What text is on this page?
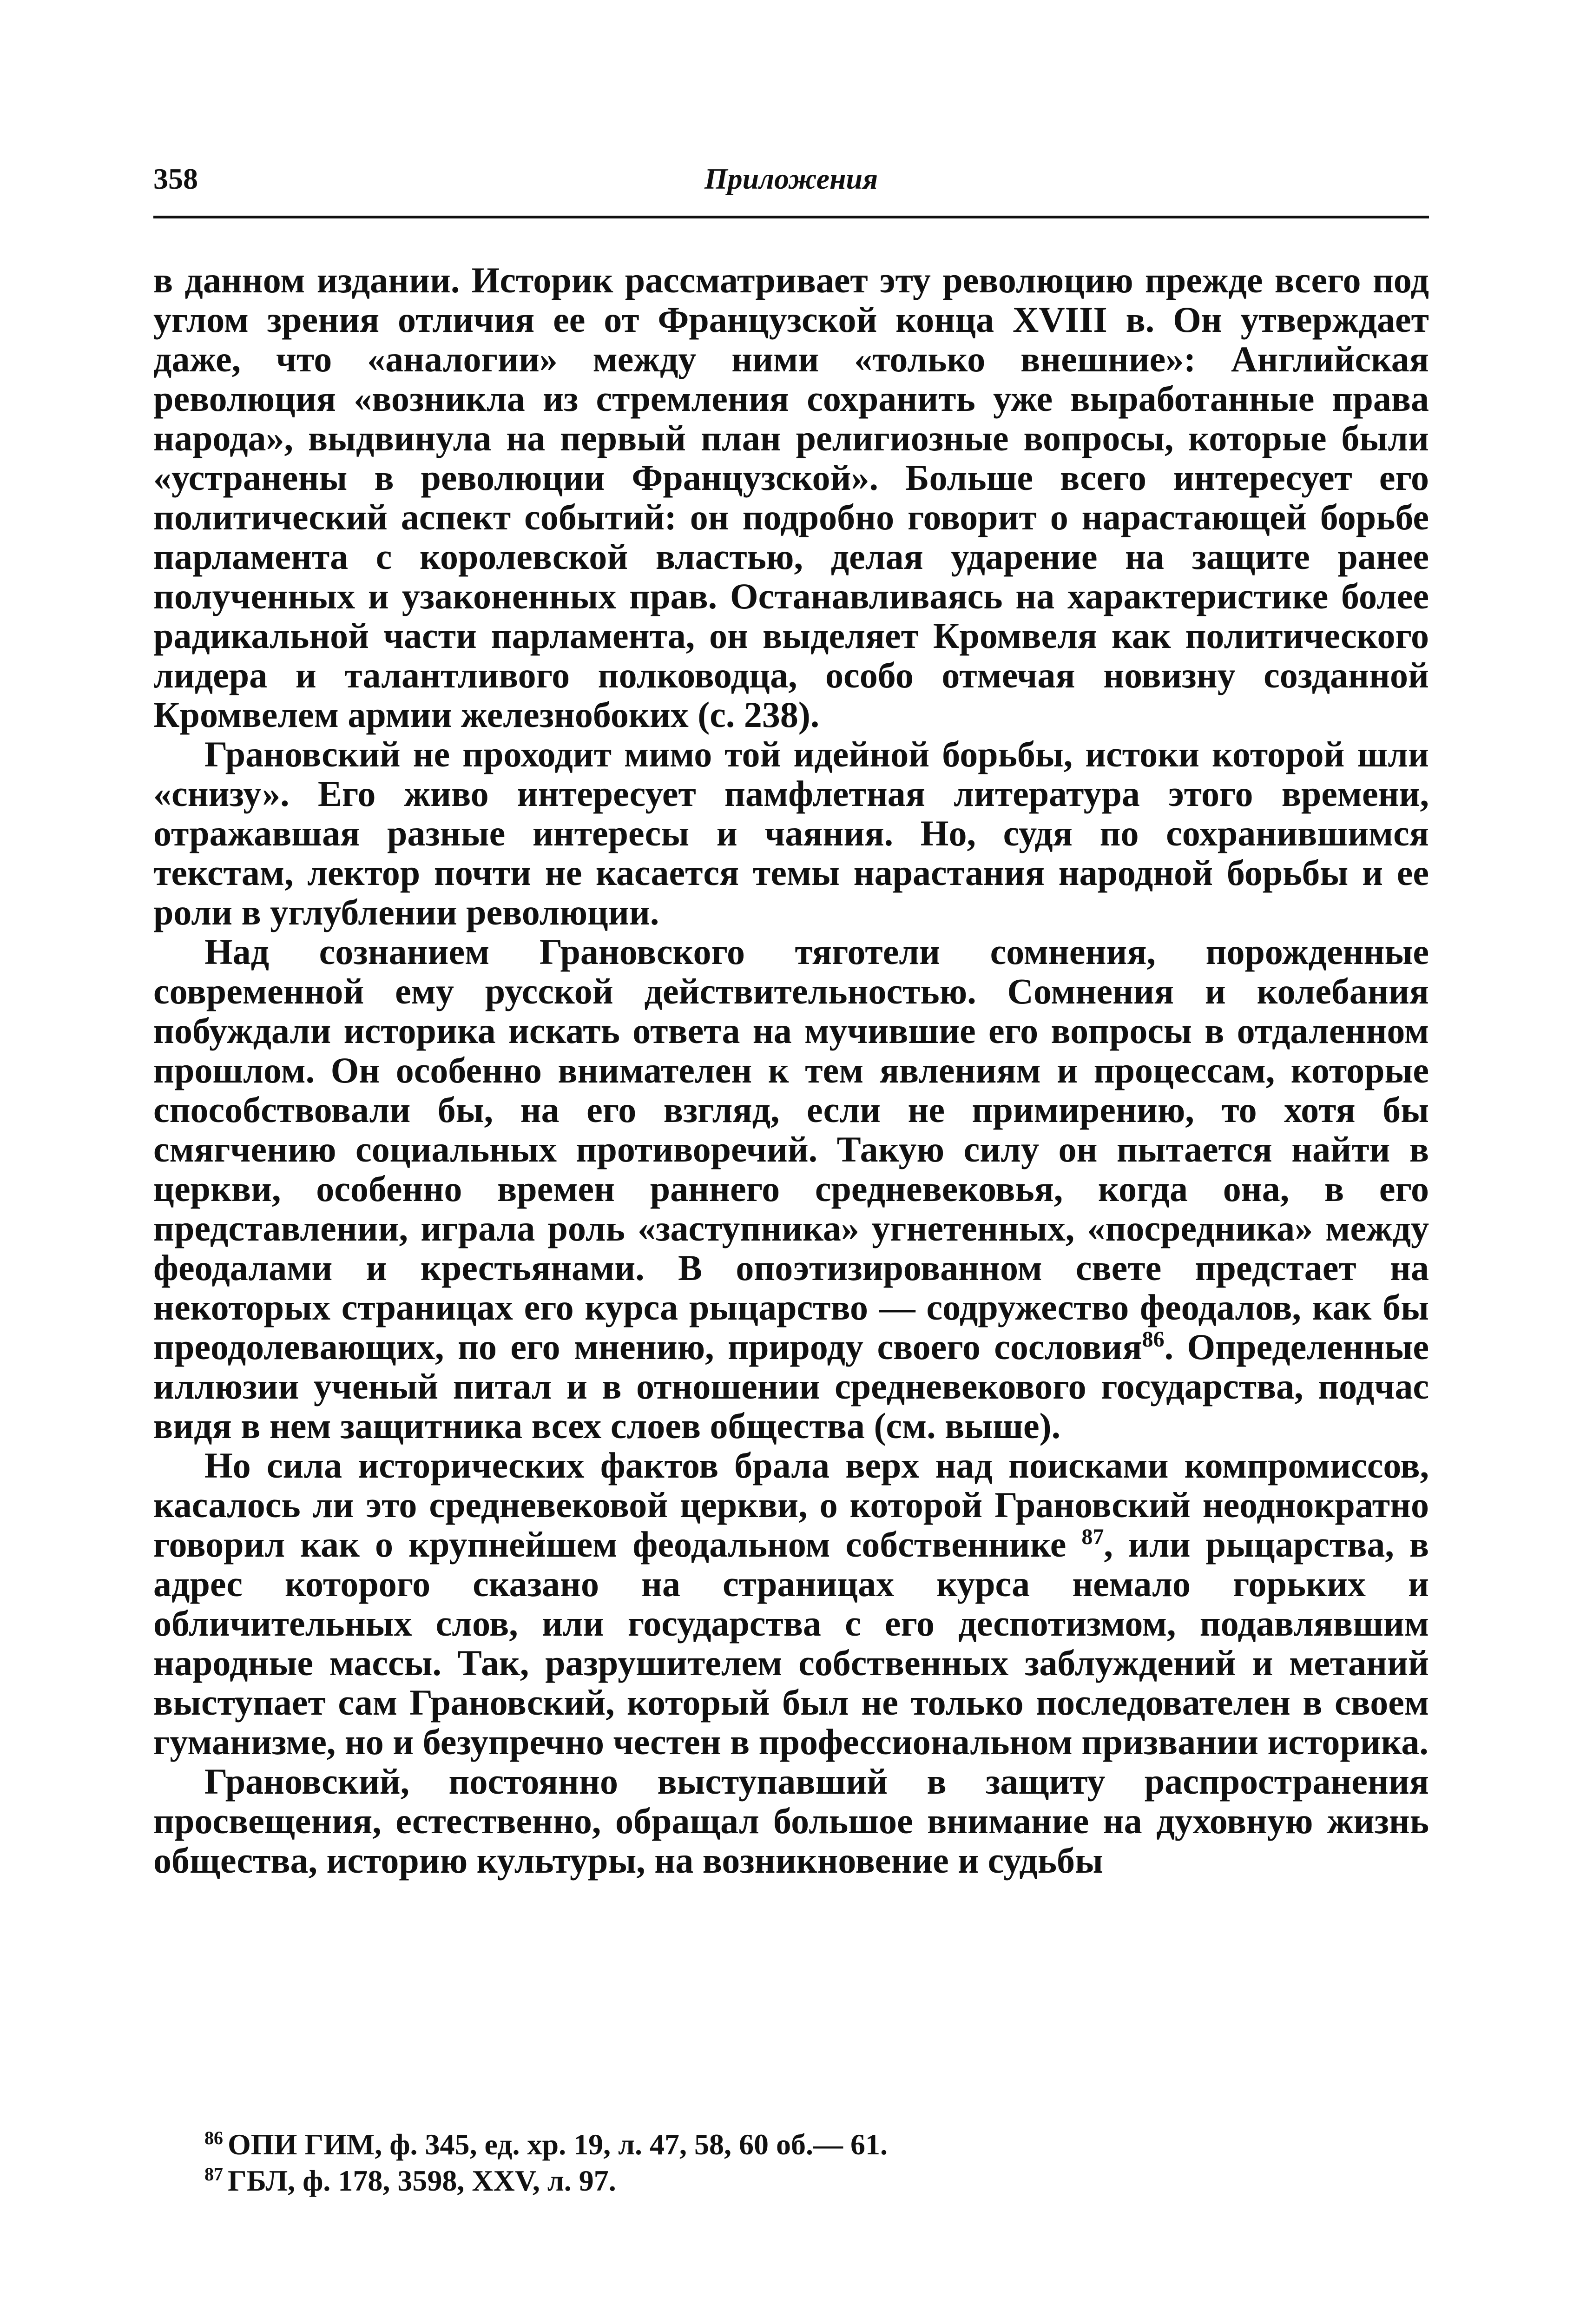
358	Приложения

в данном издании. Историк рассматривает эту революцию прежде всего под углом зрения отличия ее от Французской конца XVIII в. Он утверждает даже, что «аналогии» между ними «только внешние»: Английская революция «возникла из стремления сохранить уже выработанные права народа», выдвинула на первый план религиозные вопросы, которые были «устранены в революции Французской». Больше всего интересует его политический аспект событий: он подробно говорит о нарастающей борьбе парламента с королевской властью, делая ударение на защите ранее полученных и узаконенных прав. Останавливаясь на характеристике более радикальной части парламента, он выделяет Кромвеля как политического лидера и талантливого полководца, особо отмечая новизну созданной Кромвелем армии железнобоких (с. 238).

Грановский не проходит мимо той идейной борьбы, истоки которой шли «снизу». Его живо интересует памфлетная литература этого времени, отражавшая разные интересы и чаяния. Но, судя по сохранившимся текстам, лектор почти не касается темы нарастания народной борьбы и ее роли в углублении революции.

Над сознанием Грановского тяготели сомнения, порожденные современной ему русской действительностью. Сомнения и колебания побуждали историка искать ответа на мучившие его вопросы в отдаленном прошлом. Он особенно внимателен к тем явлениям и процессам, которые способствовали бы, на его взгляд, если не примирению, то хотя бы смягчению социальных противоречий. Такую силу он пытается найти в церкви, особенно времен раннего средневековья, когда она, в его представлении, играла роль «заступника» угнетенных, «посредника» между феодалами и крестьянами. В опоэтизированном свете предстает на некоторых страницах его курса рыцарство — содружество феодалов, как бы преодолевающих, по его мнению, природу своего сословия$^{86}$. Определенные иллюзии ученый питал и в отношении средневекового государства, подчас видя в нем защитника всех слоев общества (см. выше).

Но сила исторических фактов брала верх над поисками компромиссов, касалось ли это средневековой церкви, о которой Грановский неоднократно говорил как о крупнейшем феодальном собственнике $^{87}$, или рыцарства, в адрес которого сказано на страницах курса немало горьких и обличительных слов, или государства с его деспотизмом, подавлявшим народные массы. Так, разрушителем собственных заблуждений и метаний выступает сам Грановский, который был не только последователен в своем гуманизме, но и безупречно честен в профессиональном призвании историка.

Грановский, постоянно выступавший в защиту распространения просвещения, естественно, обращал большое внимание на духовную жизнь общества, историю культуры, на возникновение и судьбы

$^{86}$ ОПИ ГИМ, ф. 345, ед. хр. 19, л. 47, 58, 60 об.— 61.
$^{87}$ ГБЛ, ф. 178, 3598, XXV, л. 97.
